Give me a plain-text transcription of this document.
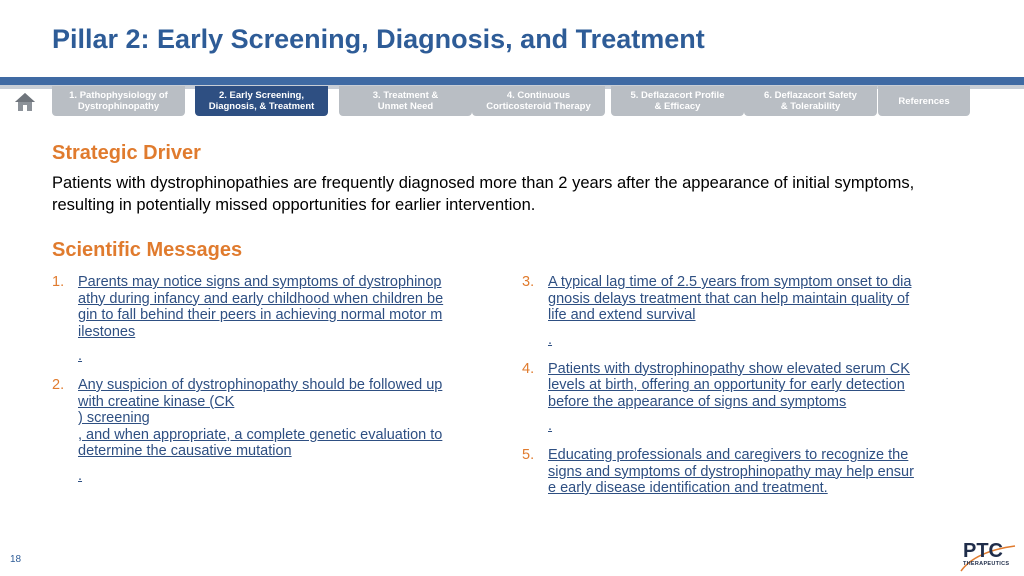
Pillar 2: Early Screening, Diagnosis, and Treatment
1. Pathophysiology of
Dystrophinopathy
2. Early Screening,
Diagnosis, & Treatment
3. Treatment &
Unmet Need
4. Continuous
Corticosteroid Therapy
5. Deflazacort Profile
& Efficacy
6. Deflazacort Safety
& Tolerability	References
Strategic Driver
Patients with dystrophinopathies are frequently diagnosed more than 2 years after the appearance of initial symptoms, resulting in potentially missed opportunities for earlier intervention.
Scientific Messages
1. Parents may notice signs and symptoms of dystrophinop
athy during infancy and early childhood when children be
gin to fall behind their peers in achieving normal motor m
ilestones
.
2. Any suspicion of dystrophinopathy should be followed up
with creatine kinase (CK
) screening
, and when appropriate, a complete genetic evaluation to
determine the causative mutation
.
3. A typical lag time of 2.5 years from symptom onset to dia
gnosis delays treatment that can help maintain quality of
life and extend survival
.
4. Patients with dystrophinopathy show elevated serum CK
levels at birth, offering an opportunity for early detection
before the appearance of signs and symptoms
.
5. Educating professionals and caregivers to recognize the
signs and symptoms of dystrophinopathy may help ensur
e early disease identification and treatment.
18	PTC
THERAPEUTICS
